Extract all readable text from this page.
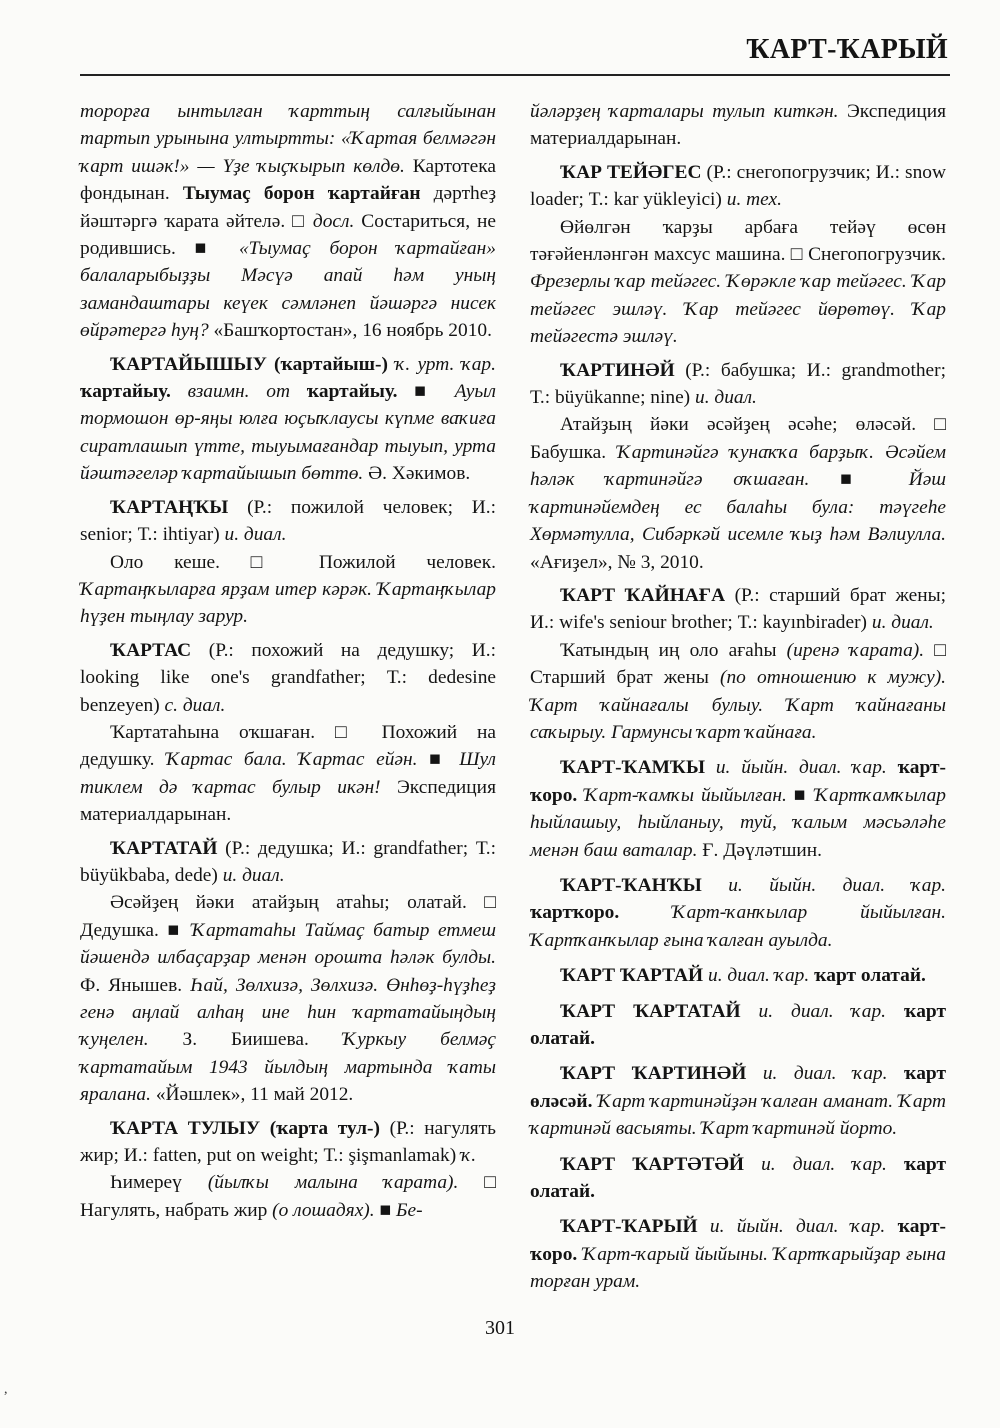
ҠАРТ-ҠАРЫЙ

торорға ынтылған ҡарттың салғыйынан тартып урынына ултыртты: «Ҡартая белмәгән ҡарт ишәк!» — Үҙе ҡыҫҡырып көлдө. Картотека фондынан. Тыумаҫ борон ҡартайған дәртһеҙ йәштәргә ҡарата әйтелә. □ досл. Состариться, не родившись. ■ «Тыумаҫ борон ҡартайған» балаларыбыҙҙы Мәсүә апай һәм уның замандаштары кеүек сәмләнеп йәшәргә нисек өйрәтергә һуң? «Башҡортостан», 16 ноябрь 2010.

ҠАРТАЙЫШЫУ (ҡартайыш-) ҡ. урт. ҡар. ҡартайыу. взаимн. от ҡартайыу. ■ Ауыл тормошон өр-яңы юлға юҫыҡлаусы күпме ваҡиға сиратлашып үтте, тыуымағандар тыуып, урта йәштәгеләр ҡартайышып бөттө. Ә. Хәкимов.

ҠАРТАҢҠЫ (Р.: пожилой человек; И.: senior; Т.: ihtiyar) и. диал.

Оло кеше. □ Пожилой человек. Ҡартаңҡыларға ярҙам итер кәрәк. Ҡартаңҡылар һүҙен тыңлау зарур.

ҠАРТАС (Р.: похожий на дедушку; И.: looking like one's grandfather; Т.: dedesine benzeyen) с. диал.

Ҡартатаһына оҡшаған. □ Похожий на дедушку. Ҡартас бала. Ҡартас ейән. ■ Шул тиклем дә ҡартас булыр икән! Экспедиция материалдарынан.

ҠАРТАТАЙ (Р.: дедушка; И.: grandfather; Т.: büyükbaba, dede) и. диал.

Әсәйҙең йәки атайҙың атаһы; олатай. □ Дедушка. ■ Ҡартатаһы Таймаҫ батыр етмеш йәшендә илбаҫарҙар менән орошта һәләк булды. Ф. Янышев. Һай, Зөлхизә, Зөлхизә. Өнһөҙ-һүҙһеҙ генә аңлай алһаң ине һин ҡартатайыңдың ҡуңелен. З. Биишева. Ҡуркыу белмәҫ ҡартатайым 1943 йылдың мартында ҡаты яралана. «Йәшлек», 11 май 2012.

ҠАРТА ТУЛЫУ (ҡарта тул-) (Р.: нагулять жир; И.: fatten, put on weight; Т.: şişmanlamak) ҡ.

Һимереү (йылҡы малына ҡарата). □ Нагулять, набрать жир (о лошадях). ■ Бе-

йәләрҙең ҡарталары тулып киткән. Экспедиция материалдарынан.

ҠАР ТЕЙӘГЕС (Р.: снегопогрузчик; И.: snow loader; Т.: kar yükleyici) и. тех.

Өйөлгән ҡарҙы арбаға тейәү өсөн тәғәйенләнгән махсус машина. □ Снегопогрузчик. Фрезерлы ҡар тейәгес. Ҡөрәкле ҡар тейәгес. Ҡар тейәгес эшләү. Ҡар тейәгес йөрөтөү. Ҡар тейәгестә эшләү.

ҠАРТИНӘЙ (Р.: бабушка; И.: grandmother; Т.: büyükanne; nine) и. диал.

Атайҙың йәки әсәйҙең әсәһе; өләсәй. □ Бабушка. Ҡартинәйгә ҡунаҡҡа барҙыҡ. Әсәйем һәләк ҡартинәйгә оҡшаған. ■ Йәш ҡартинәйемдең ес балаһы була: тәүгеһе Хөрмәтулла, Сибәркәй исемле ҡыҙ һәм Вәлиулла. «Ағиҙел», № 3, 2010.

ҠАРТ ҠАЙНАҒА (Р.: старший брат жены; И.: wife's seniour brother; Т.: kayınbirader) и. диал.

Ҡатындың иң оло ағаһы (иренә ҡарата). □ Старший брат жены (по отношению к мужу). Ҡарт ҡайнағалы булыу. Ҡарт ҡайнағаны саҡырыу. Гармунсы ҡарт ҡайнаға.

ҠАРТ-ҠАМҠЫ и. йыйн. диал. ҡар. ҡарт-ҡоро. Ҡарт-ҡамҡы йыйылған. ■ Ҡартҡамҡылар һыйлашыу, һыйланыу, туй, ҡалым мәсьәләһе менән баш ваталар. Ғ. Дәүләтшин.

ҠАРТ-ҠАНҠЫ и. йыйн. диал. ҡар. ҡартҡоро.	Ҡарт-ҡанҡылар йыйылған. Ҡартҡанҡылар ғына ҡалған ауылда.

ҠАРТ ҠАРТАЙ и. диал. ҡар. ҡарт олатай.

ҠАРТ ҠАРТАТАЙ и. диал. ҡар. ҡарт олатай.

ҠАРТ ҠАРТИНӘЙ и. диал. ҡар. ҡарт өләсәй. Ҡарт ҡартинәйҙән ҡалған аманат. Ҡарт ҡартинәй васыяты. Ҡарт ҡартинәй йорто.

ҠАРТ ҠАРТӘТӘЙ и. диал. ҡар. ҡарт олатай.

ҠАРТ-ҠАРЫЙ и. йыйн. диал. ҡар. ҡарт-ҡоро. Ҡарт-ҡарый йыйыны. Ҡартҡарыйҙар ғына торған урам.

301
,
